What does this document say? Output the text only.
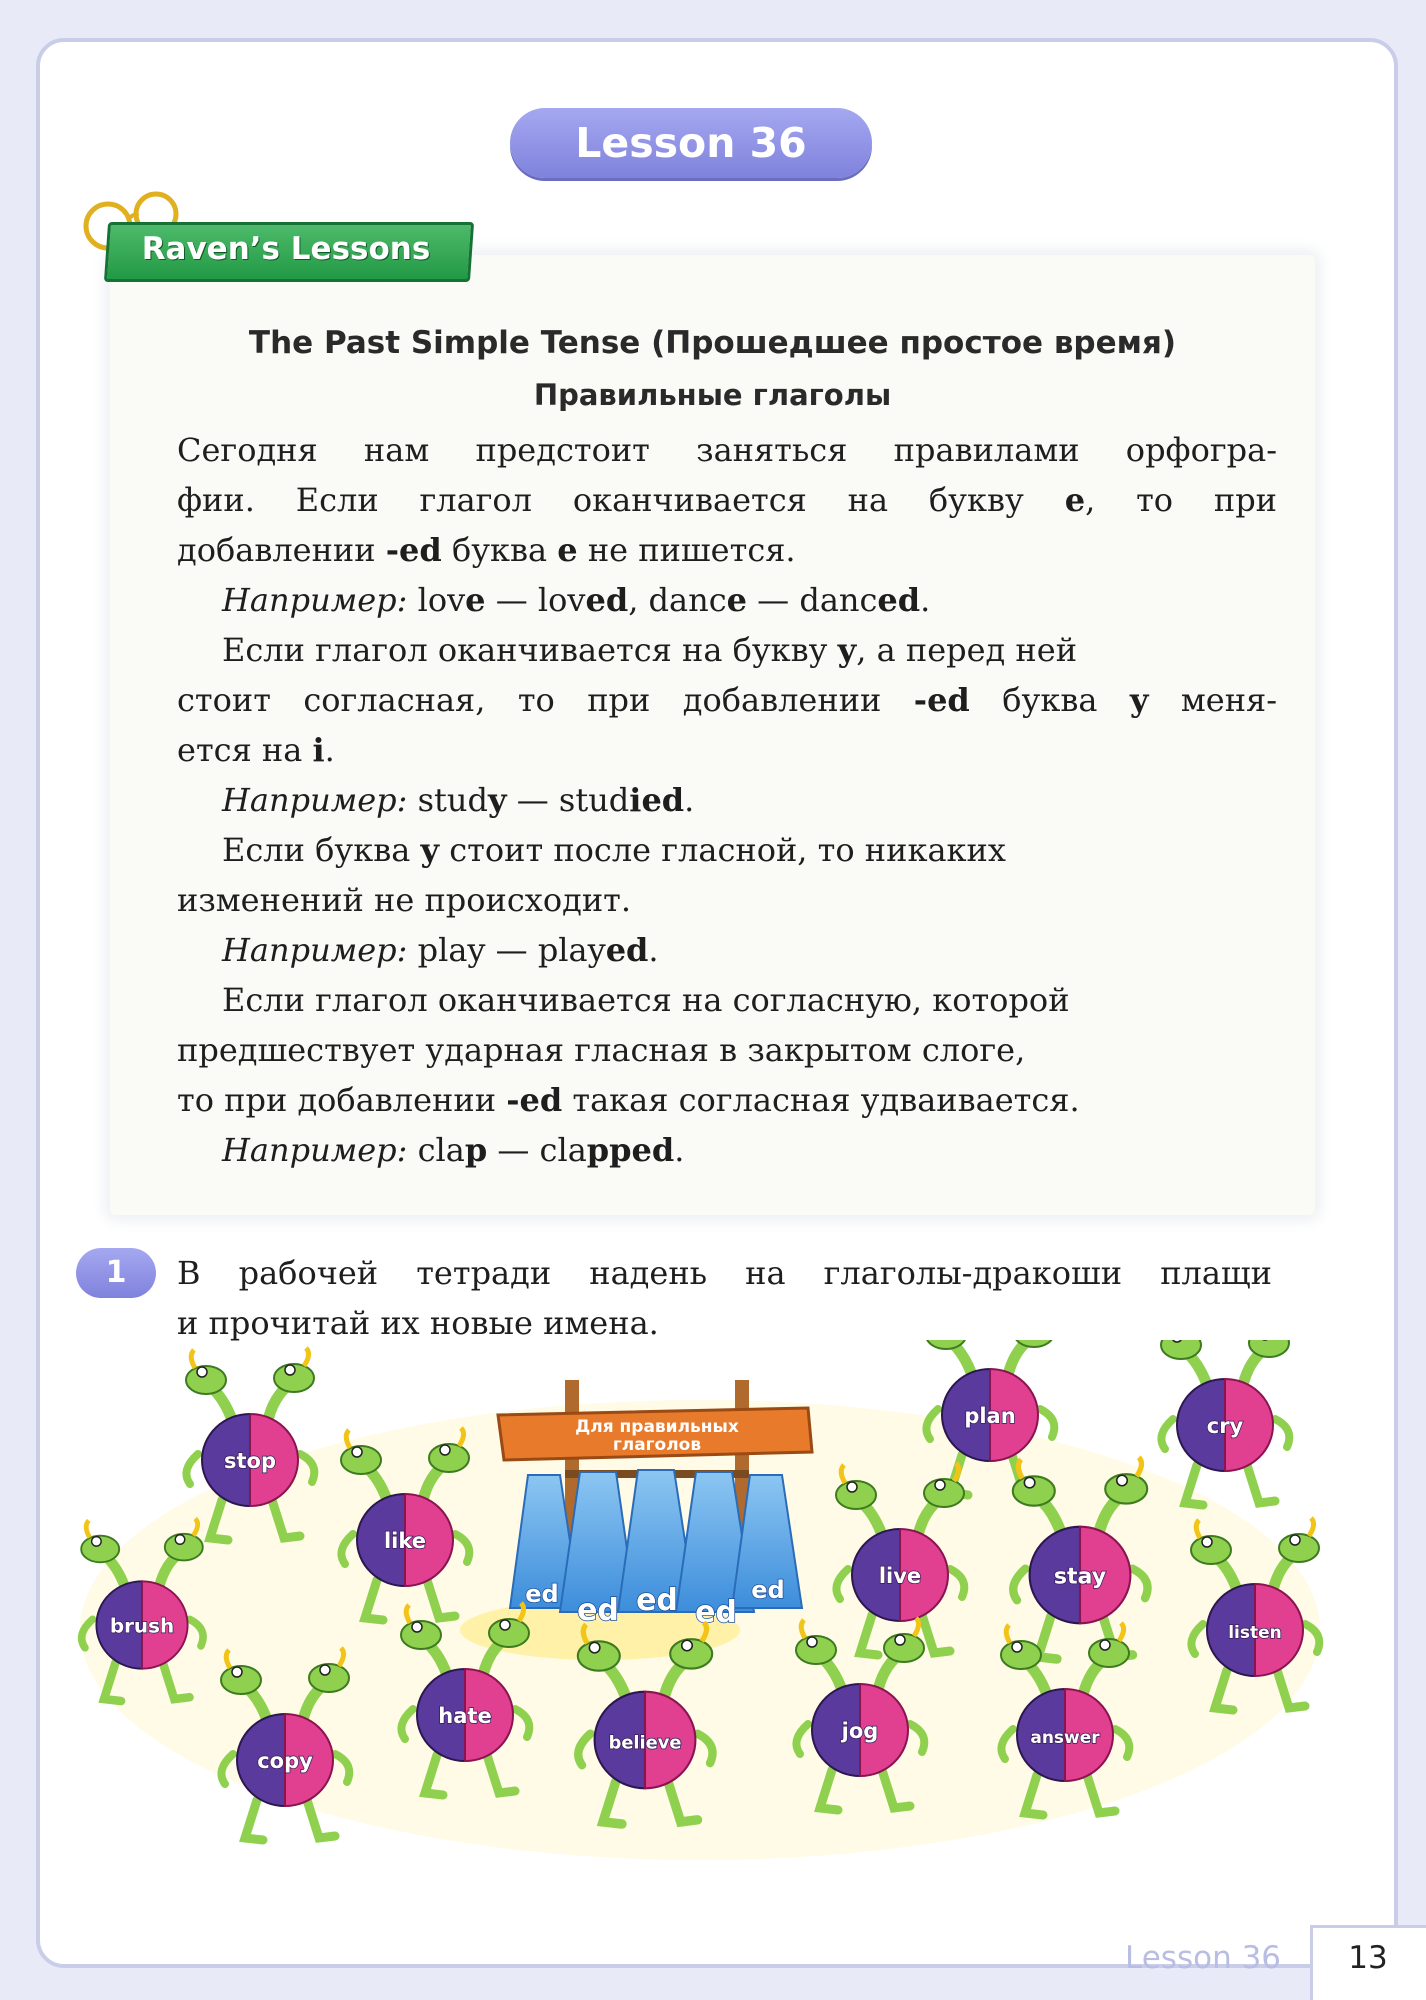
Lesson 36
Raven’s Lessons
The Past Simple Tense (Прошедшее простое время)
Правильные глаголы
Сегодня нам предстоит заняться правилами орфогра-
фии. Если глагол оканчивается на букву e, то при
добавлении -ed буква e не пишется.
Например: love — loved, dance — danced.
Если глагол оканчивается на букву y, а перед ней
стоит согласная, то при добавлении -ed буква y меня-
ется на i.
Например: study — studied.
Если буква y стоит после гласной, то никаких
изменений не происходит.
Например: play — played.
Если глагол оканчивается на согласную, которой
предшествует ударная гласная в закрытом слоге,
то при добавлении -ed такая согласная удваивается.
Например: clap — clapped.
1	В рабочей тетради надень на глаголы-дракоши плащи
и прочитай их новые имена.
Для правильных
глаголов
ed ed ed ed
ed
stop
like
brush
copy
hate
believe
plan	cry
live	stay
listen
jog	answer
Lesson 36	13
